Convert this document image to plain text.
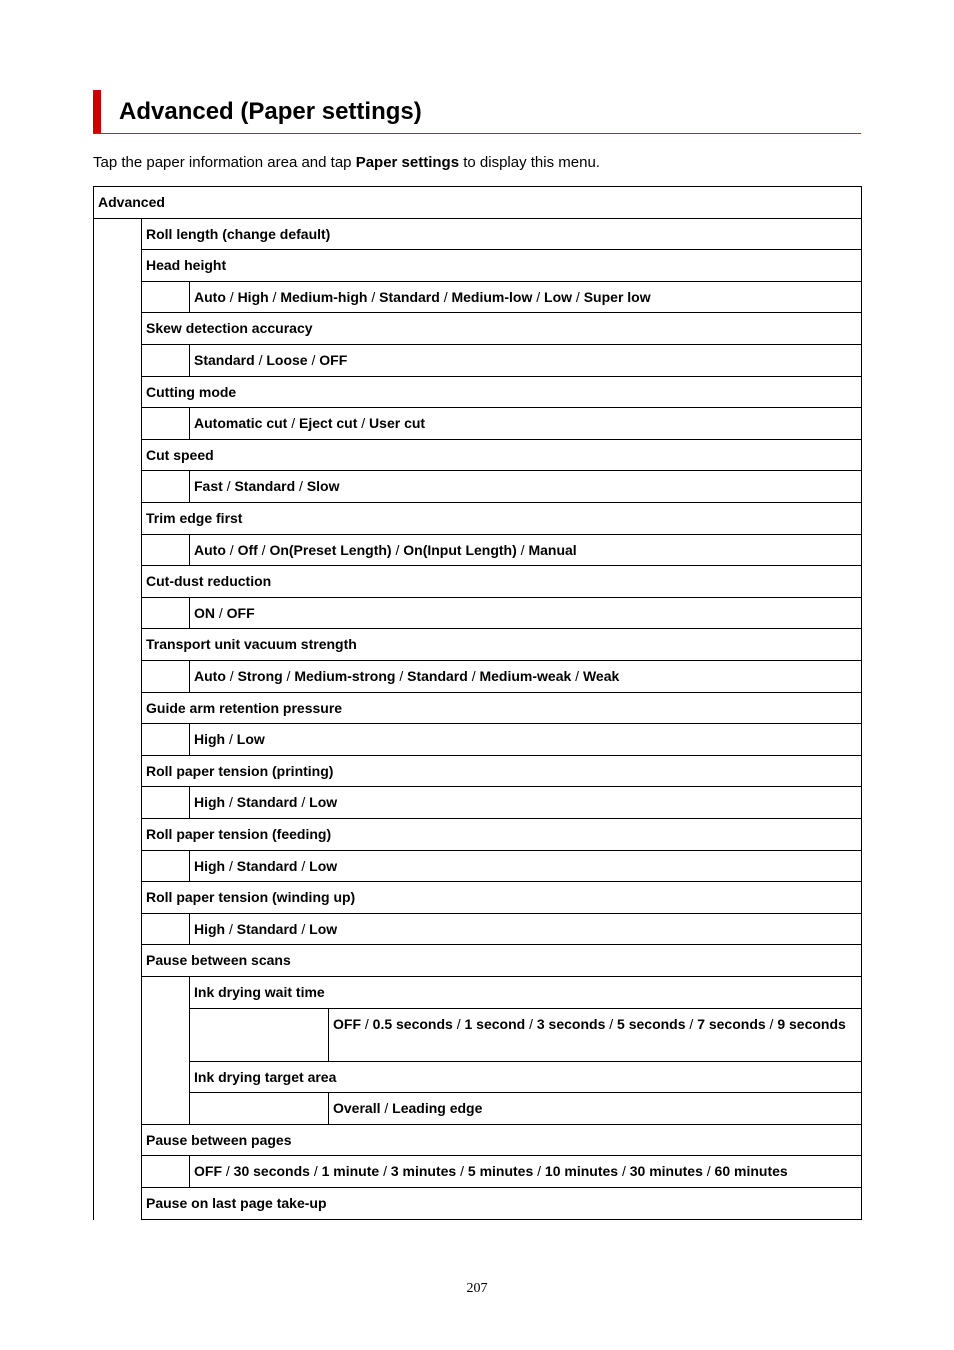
Advanced (Paper settings)

Tap the paper information area and tap Paper settings to display this menu.

Advanced
Roll length (change default)
Head height
Auto / High / Medium-high / Standard / Medium-low / Low / Super low
Skew detection accuracy
Standard / Loose / OFF
Cutting mode
Automatic cut / Eject cut / User cut
Cut speed
Fast / Standard / Slow
Trim edge first
Auto / Off / On(Preset Length) / On(Input Length) / Manual
Cut-dust reduction
ON / OFF
Transport unit vacuum strength
Auto / Strong / Medium-strong / Standard / Medium-weak / Weak
Guide arm retention pressure
High / Low
Roll paper tension (printing)
High / Standard / Low
Roll paper tension (feeding)
High / Standard / Low
Roll paper tension (winding up)
High / Standard / Low
Pause between scans
Ink drying wait time
OFF / 0.5 seconds / 1 second / 3 seconds / 5 seconds / 7 seconds / 9 seconds
Ink drying target area
Overall / Leading edge
Pause between pages
OFF / 30 seconds / 1 minute / 3 minutes / 5 minutes / 10 minutes / 30 minutes / 60 minutes
Pause on last page take-up
207
